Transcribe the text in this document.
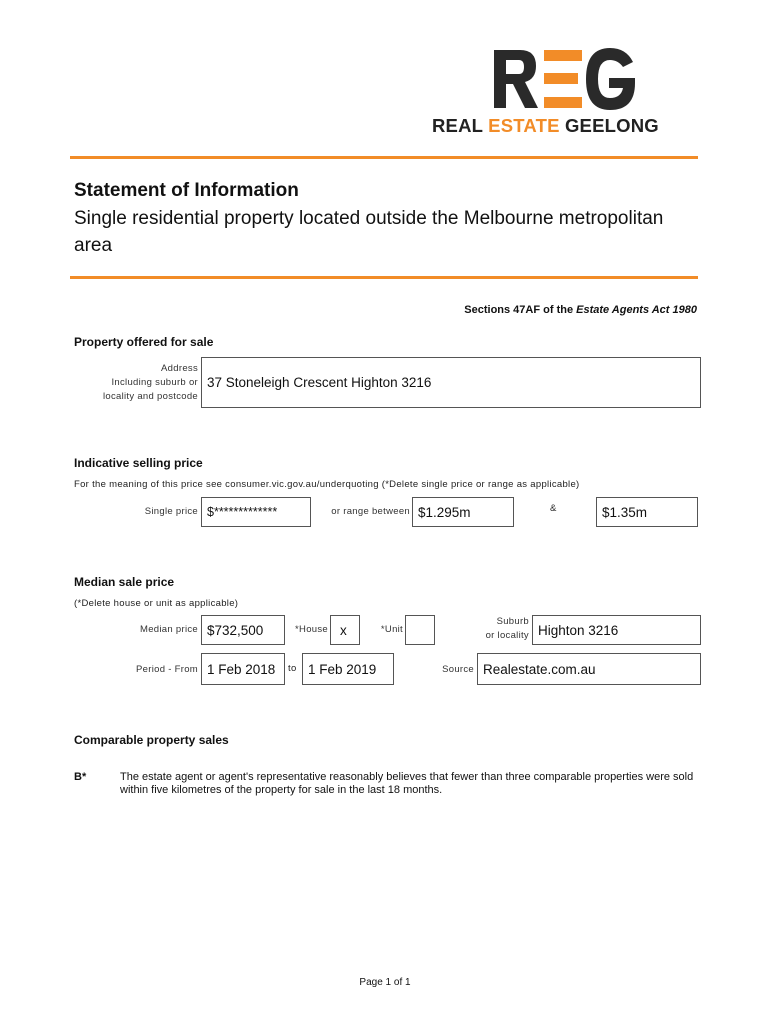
REAL ESTATE GEELONG
Statement of Information
Single residential property located outside the Melbourne metropolitan area
Sections 47AF of the Estate Agents Act 1980
Property offered for sale
Address
Including suburb or
locality and postcode
37 Stoneleigh Crescent Highton 3216
Indicative selling price
For the meaning of this price see consumer.vic.gov.au/underquoting (*Delete single price or range as applicable)
Single price $*************	or range between $1.295m	&	$1.35m
Median sale price
(*Delete house or unit as applicable)
Median price $732,500	*House x	*Unit
Suburb
or locality Highton 3216
Period - From 1 Feb 2018	to 1 Feb 2019	Source Realestate.com.au
Comparable property sales
B*	The estate agent or agent's representative reasonably believes that fewer than three comparable properties were sold within five kilometres of the property for sale in the last 18 months.
Page 1 of 1
